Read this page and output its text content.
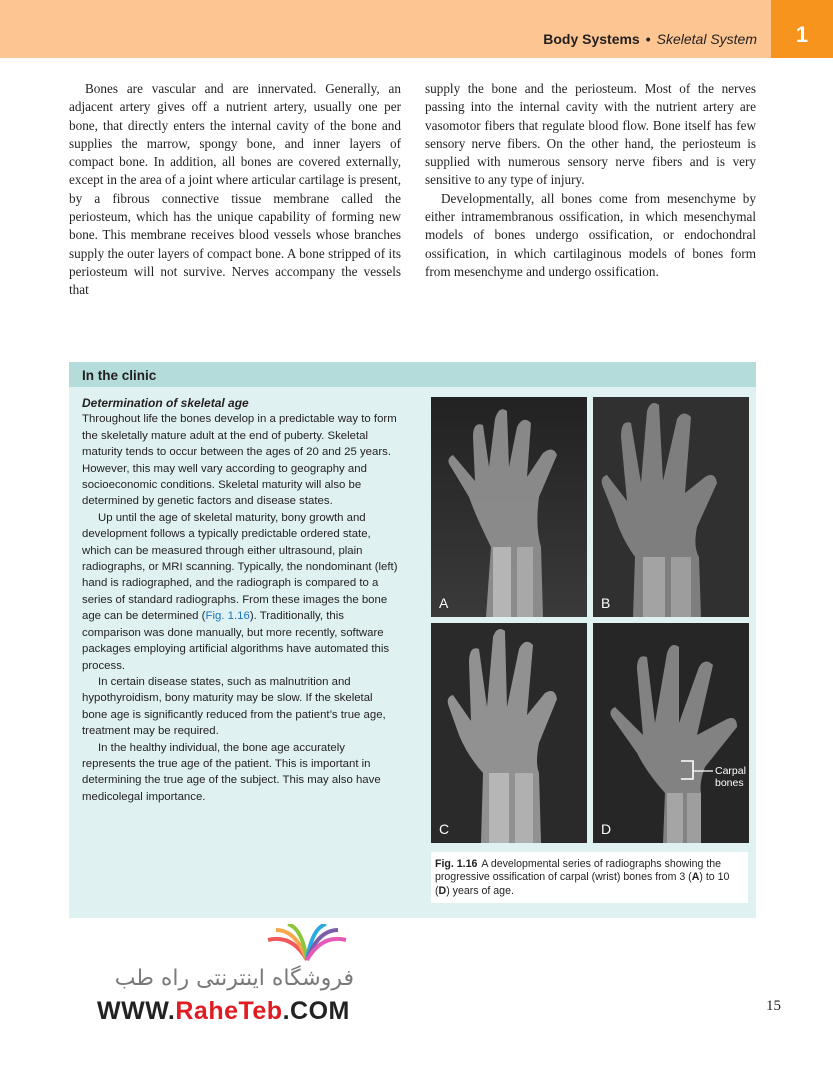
Body Systems • Skeletal System 1

Bones are vascular and are innervated. Generally, an adjacent artery gives off a nutrient artery, usually one per bone, that directly enters the internal cavity of the bone and supplies the marrow, spongy bone, and inner layers of compact bone. In addition, all bones are covered externally, except in the area of a joint where articular cartilage is present, by a fibrous connective tissue membrane called the periosteum, which has the unique capability of forming new bone. This membrane receives blood vessels whose branches supply the outer layers of compact bone. A bone stripped of its periosteum will not survive. Nerves accompany the vessels that

supply the bone and the periosteum. Most of the nerves passing into the internal cavity with the nutrient artery are vasomotor fibers that regulate blood flow. Bone itself has few sensory nerve fibers. On the other hand, the periosteum is supplied with numerous sensory nerve fibers and is very sensitive to any type of injury.

Developmentally, all bones come from mesenchyme by either intramembranous ossification, in which mesenchymal models of bones undergo ossification, or endochondral ossification, in which cartilaginous models of bones form from mesenchyme and undergo ossification.

In the clinic
Determination of skeletal age

Throughout life the bones develop in a predictable way to form the skeletally mature adult at the end of puberty. Skeletal maturity tends to occur between the ages of 20 and 25 years. However, this may well vary according to geography and socioeconomic conditions. Skeletal maturity will also be determined by genetic factors and disease states.

Up until the age of skeletal maturity, bony growth and development follows a typically predictable ordered state, which can be measured through either ultrasound, plain radiographs, or MRI scanning. Typically, the nondominant (left) hand is radiographed, and the radiograph is compared to a series of standard radiographs. From these images the bone age can be determined (Fig. 1.16). Traditionally, this comparison was done manually, but more recently, software packages employing artificial algorithms have automated this process.

In certain disease states, such as malnutrition and hypothyroidism, bony maturity may be slow. If the skeletal bone age is significantly reduced from the patient’s true age, treatment may be required.

In the healthy individual, the bone age accurately represents the true age of the patient. This is important in determining the true age of the subject. This may also have medicolegal importance.

A	B
C
Carpal
bones
D
Fig. 1.16 A developmental series of radiographs showing the progressive ossification of carpal (wrist) bones from 3 (A) to 10 (D) years of age.
فروشگاه اینترنتی راه طب
WWW.RaheTeb.COM	15
